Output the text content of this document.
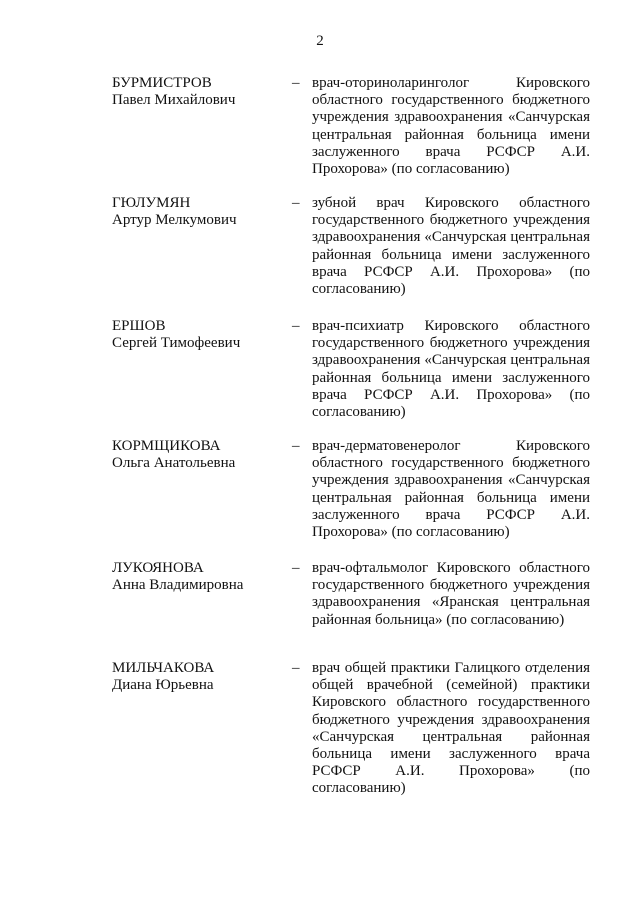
2
БУРМИСТРОВ
Павел Михайлович
– врач-оториноларинголог Кировского областного государственного бюджетного учреждения здравоохранения «Санчурская центральная районная больница имени заслуженного врача РСФСР А.И. Прохорова» (по согласованию)
ГЮЛУМЯН
Артур Мелкумович
– зубной врач Кировского областного государственного бюджетного учреждения здравоохранения «Санчурская центральная районная больница имени заслуженного врача РСФСР А.И. Прохорова» (по согласованию)
ЕРШОВ
Сергей Тимофеевич
– врач-психиатр Кировского областного государственного бюджетного учреждения здравоохранения «Санчурская центральная районная больница имени заслуженного врача РСФСР А.И. Прохорова» (по согласованию)
КОРМЩИКОВА
Ольга Анатольевна
– врач-дерматовенеролог Кировского областного государственного бюджетного учреждения здравоохранения «Санчурская центральная районная больница имени заслуженного врача РСФСР А.И. Прохорова» (по согласованию)
ЛУКОЯНОВА
Анна Владимировна
– врач-офтальмолог Кировского областного государственного бюджетного учреждения здравоохранения «Яранская центральная районная больница» (по согласованию)
МИЛЬЧАКОВА
Диана Юрьевна
– врач общей практики Галицкого отделения общей врачебной (семейной) практики Кировского областного государственного бюджетного учреждения здравоохранения «Санчурская центральная районная больница имени заслуженного врача РСФСР А.И. Прохорова» (по согласованию)
